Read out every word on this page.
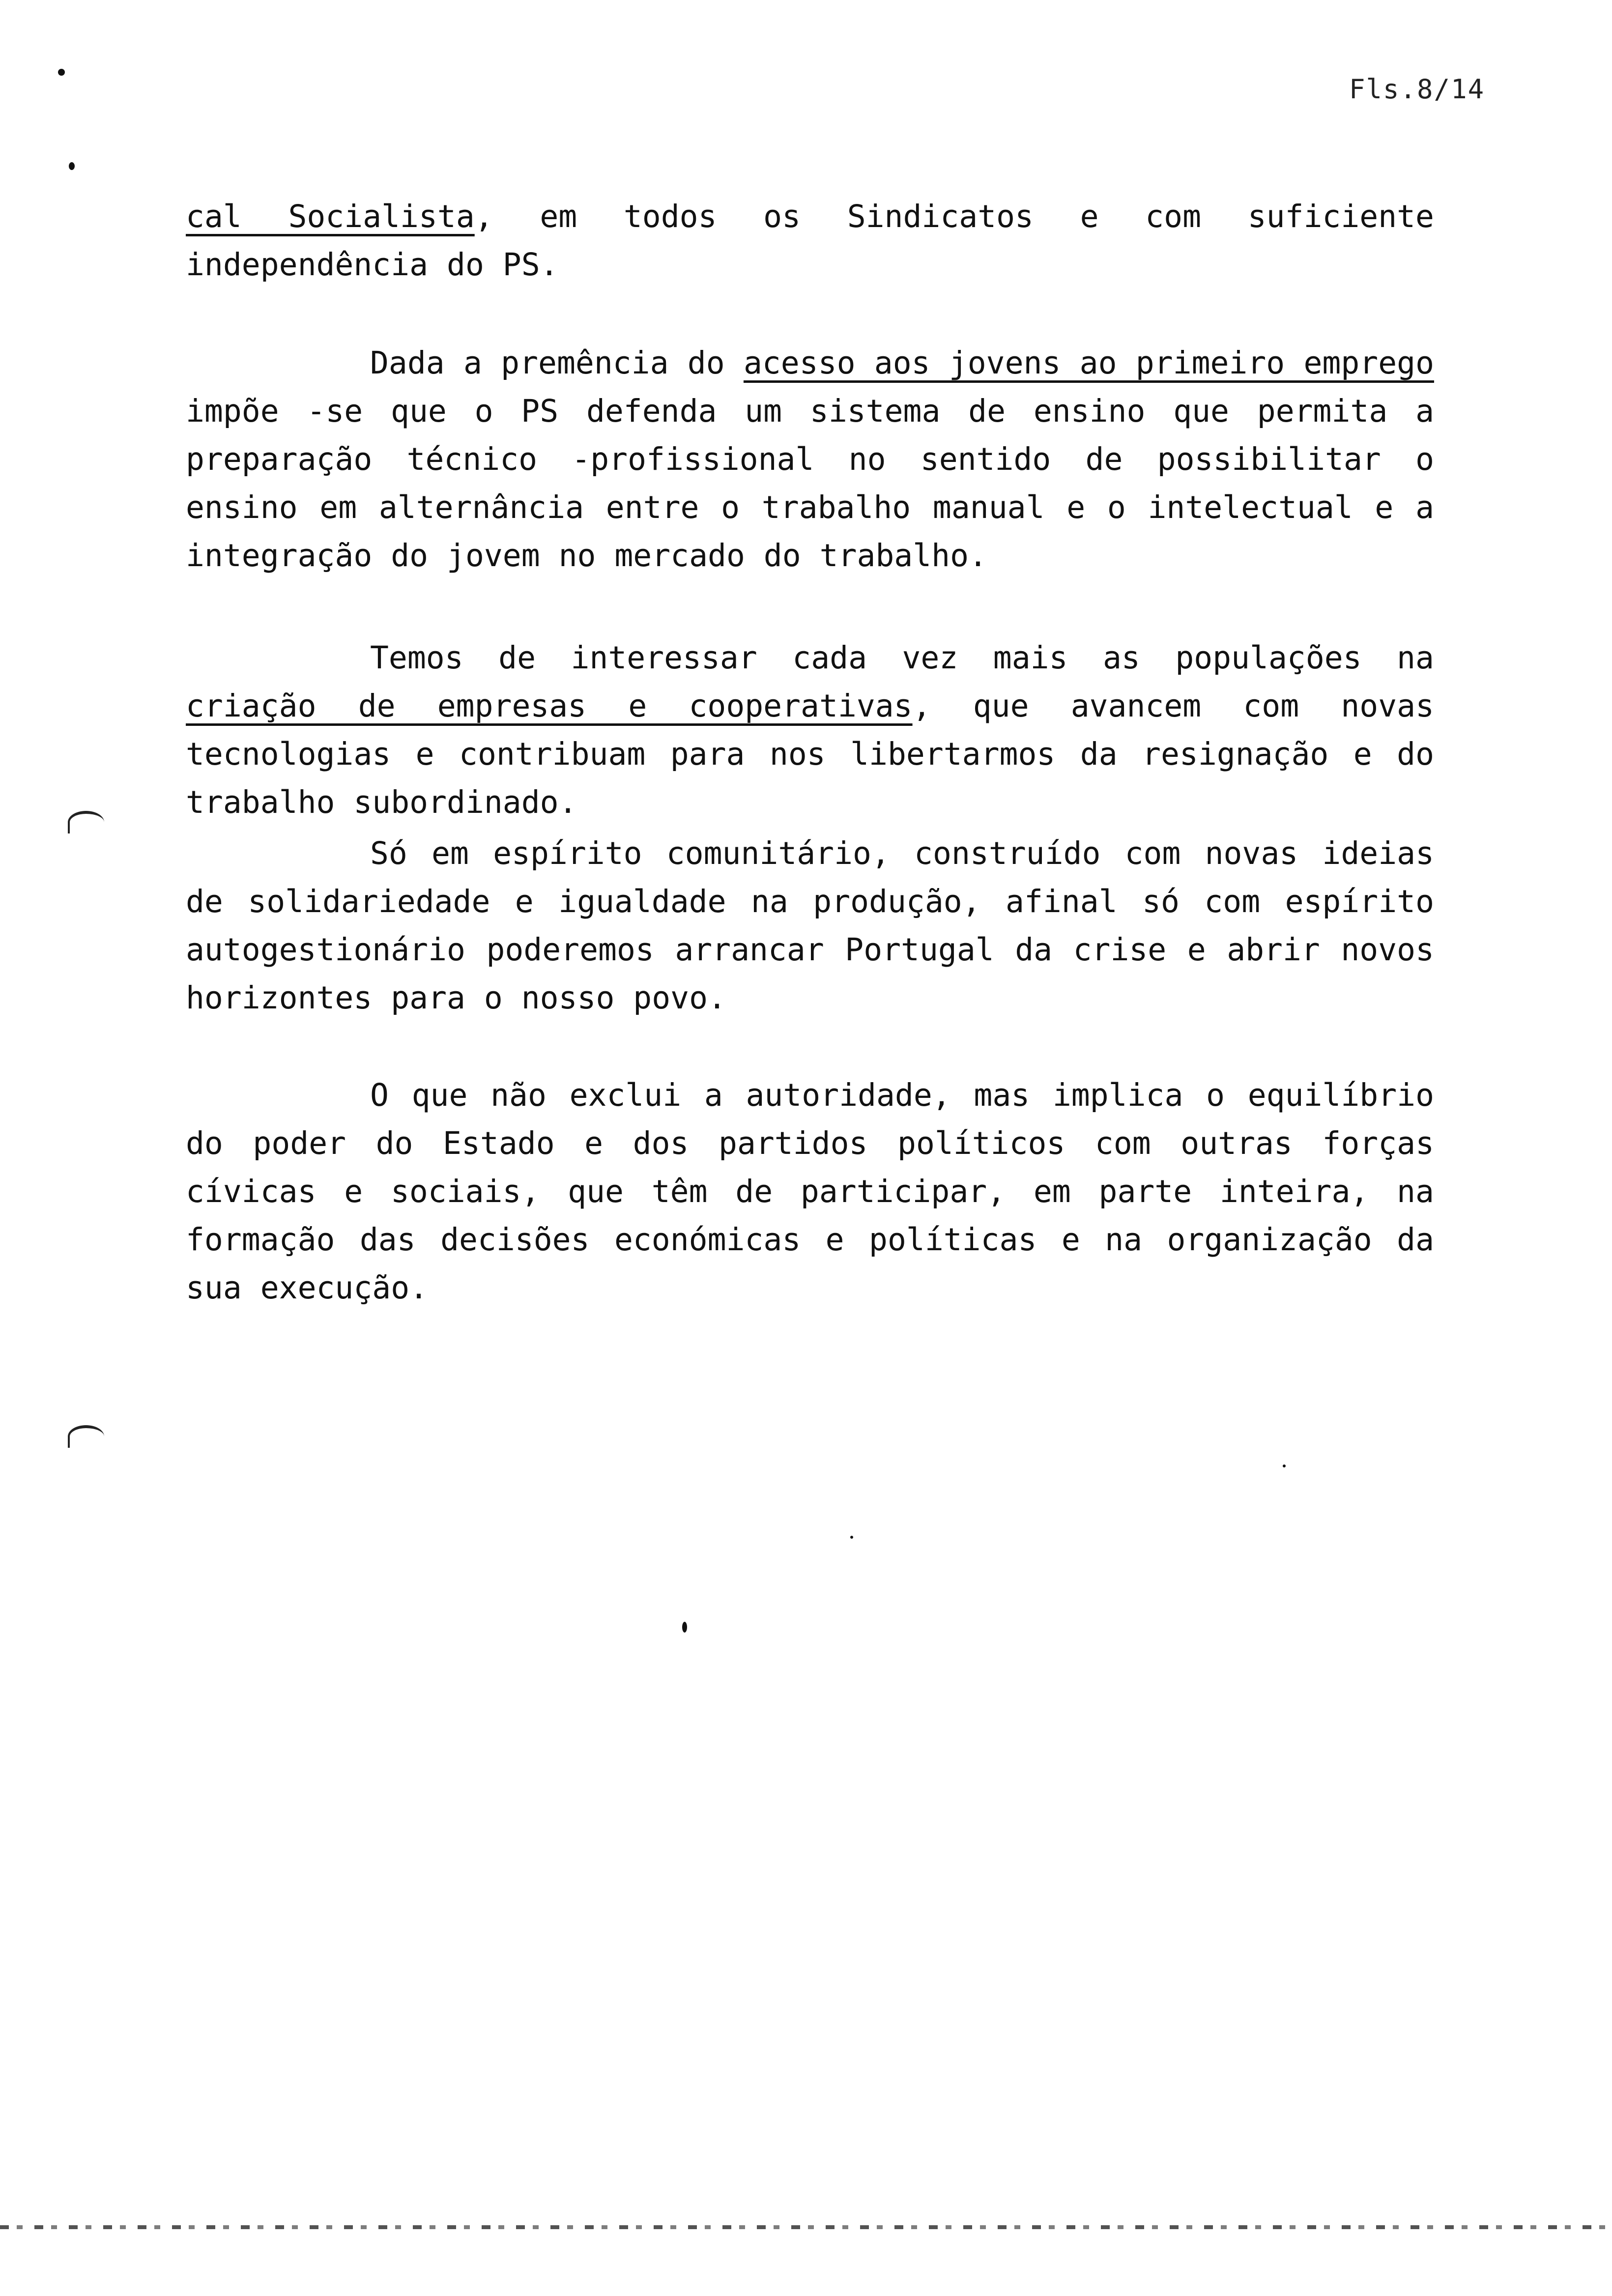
Fls.8/14

cal Socialista, em todos os Sindicatos e com suficiente independência do PS.

Dada a premência do acesso aos jovens ao primeiro emprego impõe -se que o PS defenda um sistema de ensino que permita a preparação técnico -profissional no sentido de possibilitar o ensino em alternância entre o trabalho manual e o intelectual e a integração do jovem no mercado do trabalho.

Temos de interessar cada vez mais as populações na criação de empresas e cooperativas, que avancem com novas tecnologias e contribuam para nos libertarmos da resignação e do trabalho subordinado.

Só em espírito comunitário, construído com novas ideias de solidariedade e igualdade na produção, afinal só com espírito autogestionário poderemos arrancar Portugal da crise e abrir novos horizontes para o nosso povo.

O que não exclui a autoridade, mas implica o equilíbrio do poder do Estado e dos partidos políticos com outras forças cívicas e sociais, que têm de participar, em parte inteira, na formação das decisões económicas e políticas e na organização da sua execução.
